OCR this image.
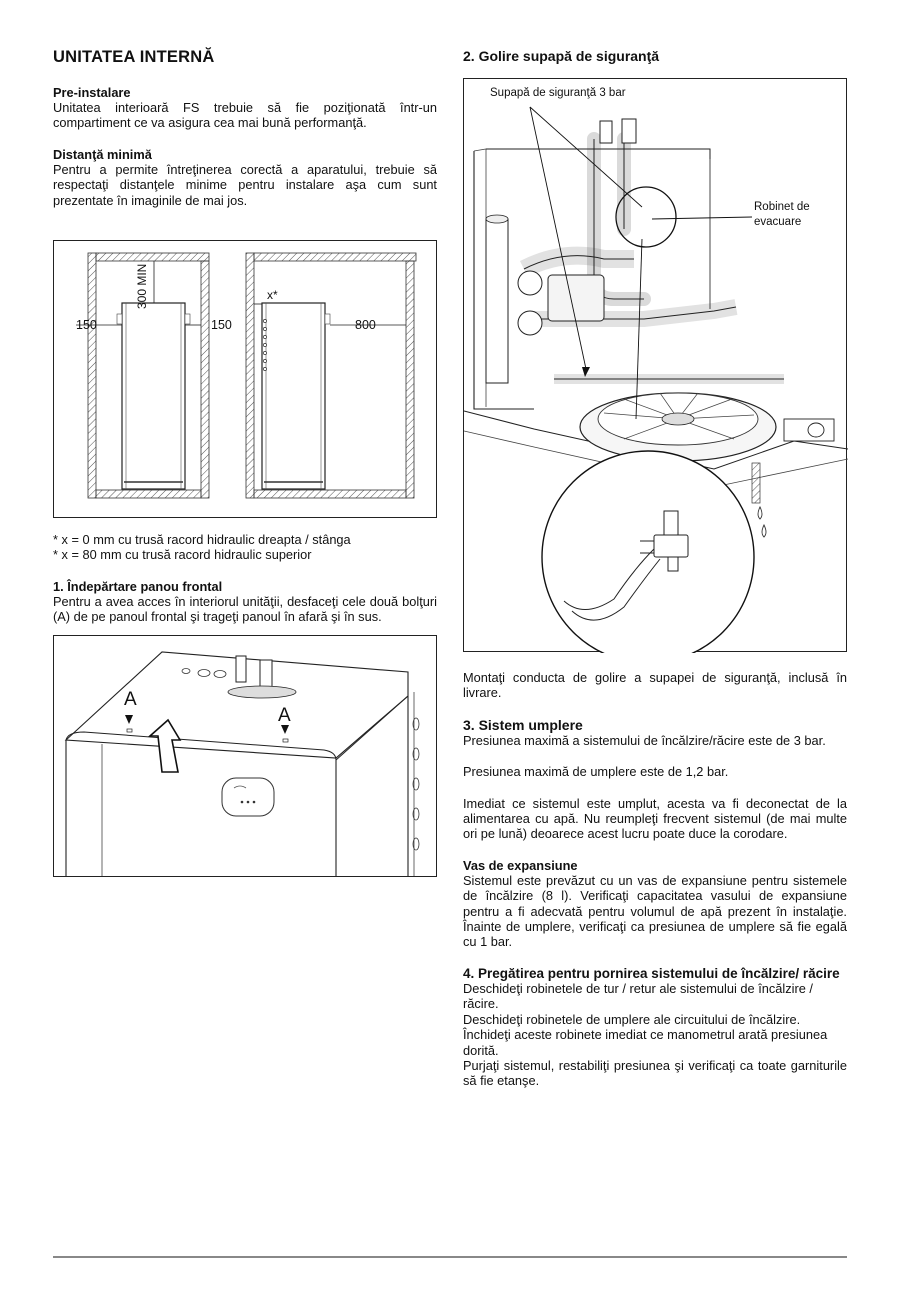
UNITATEA INTERNĂ
Pre-instalare

Unitatea interioară FS trebuie să fie poziţionată într-un compartiment ce va asigura cea mai bună performanţă.

Distanţă minimă

Pentru a permite întreţinerea corectă a aparatului, trebuie să respectaţi distanţele minime pentru instalare aşa cum sunt prezentate în imaginile de mai jos.

300 MIN
150	150	800
x*

* x = 0 mm cu trusă racord hidraulic dreapta / stânga

* x = 80 mm cu trusă racord hidraulic superior

1. Îndepărtare panou frontal

Pentru a avea acces în interiorul unităţii, desfaceţi cele două bolţuri (A) de pe panoul frontal şi trageţi panoul în afară şi în sus.

A
A
2. Golire supapă de siguranţă
Supapă de siguranţă 3 bar
Robinet de
evacuare

Montaţi conducta de golire a supapei de siguranţă, inclusă în livrare.

3. Sistem umplere

Presiunea maximă a sistemului de încălzire/răcire este de 3 bar.

Presiunea maximă de umplere este de 1,2 bar.

Imediat ce sistemul este umplut, acesta va fi deconectat de la alimentarea cu apă. Nu reumpleţi frecvent sistemul (de mai multe ori pe lună) deoarece acest lucru poate duce la corodare.

Vas de expansiune

Sistemul este prevăzut cu un vas de expansiune pentru sistemele de încălzire (8 l). Verificaţi capacitatea vasului de expansiune pentru a fi adecvată pentru volumul de apă prezent în instalaţie. Înainte de umplere, verificaţi ca presiunea de umplere să fie egală cu 1 bar.

4. Pregătirea pentru pornirea sistemului de încălzire/ răcire

Deschideţi robinetele de tur / retur ale sistemului de încălzire / răcire.

Deschideţi robinetele de umplere ale circuitului de încălzire.

Închideţi aceste robinete imediat ce manometrul arată presiunea dorită.

Purjaţi sistemul, restabiliţi presiunea şi verificaţi ca toate garniturile să fie etanşe.
